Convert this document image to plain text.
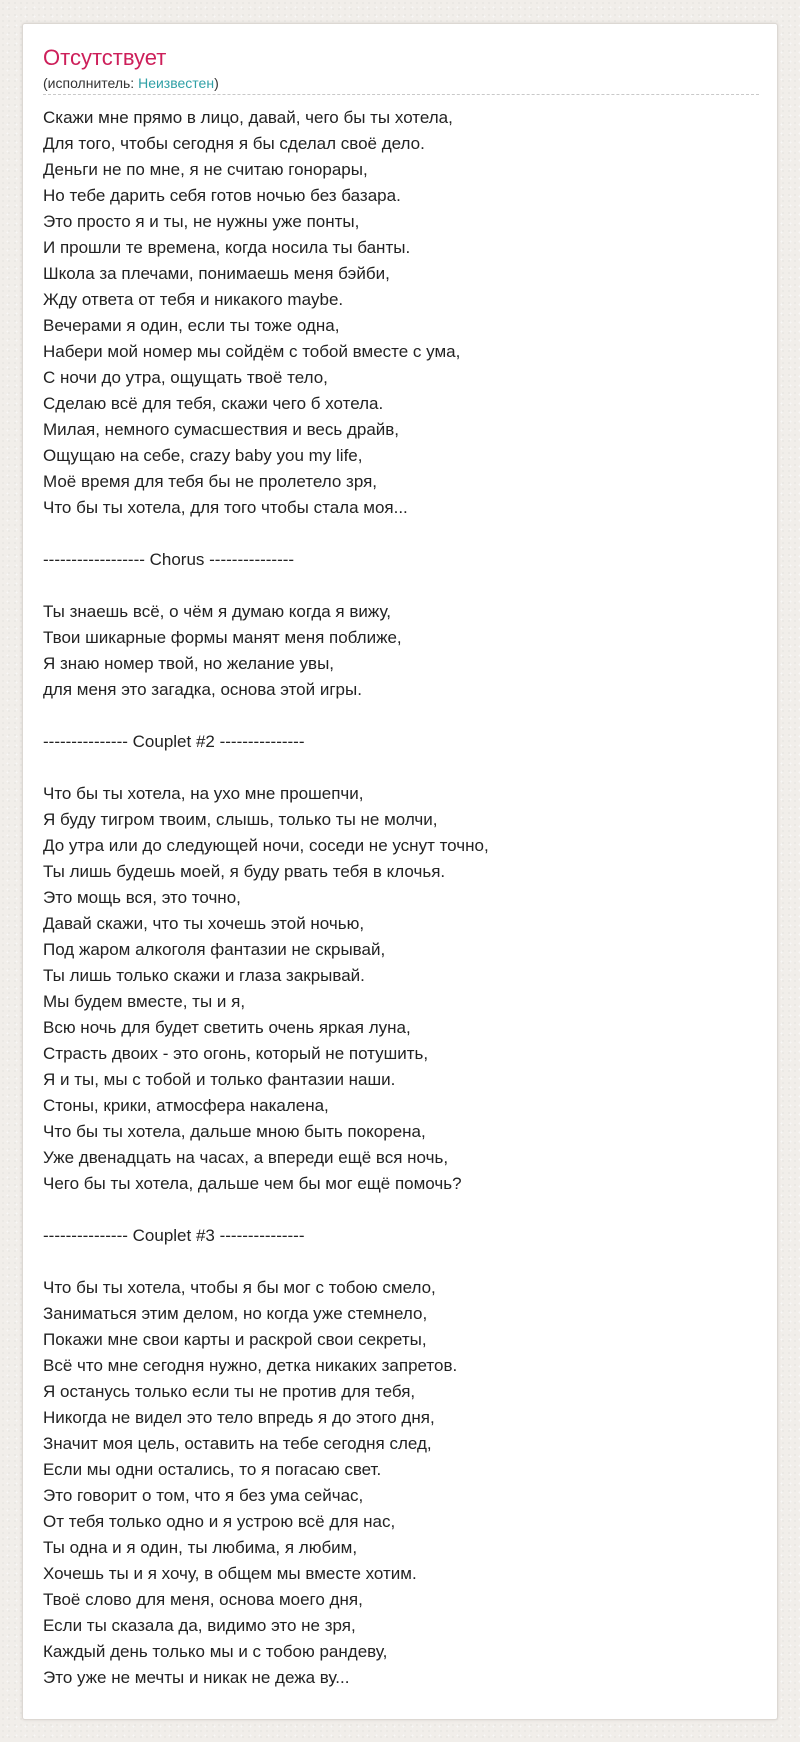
Отсутствует

(исполнитель: Неизвестен)

Скажи мне прямо в лицо, давай, чего бы ты хотела,
Для того, чтобы сегодня я бы сделал своё дело.
Деньги не по мне, я не считаю гонорары,
Но тебе дарить себя готов ночью без базара.
Это просто я и ты, не нужны уже понты,
И прошли те времена, когда носила ты банты.
Школа за плечами, понимаешь меня бэйби,
Жду ответа от тебя и никакого maybe.
Вечерами я один, если ты тоже одна,
Набери мой номер мы сойдём с тобой вместе с ума,
С ночи до утра, ощущать твоё тело,
Сделаю всё для тебя, скажи чего б хотела.
Милая, немного сумасшествия и весь драйв,
Ощущаю на себе, crazy baby you my life,
Моё время для тебя бы не пролетело зря,
Что бы ты хотела, для того чтобы стала моя...
------------------ Chorus ---------------
Ты знаешь всё, о чём я думаю когда я вижу,
Твои шикарные формы манят меня поближе,
Я знаю номер твой, но желание увы,
для меня это загадка, основа этой игры.
--------------- Couplet #2 ---------------
Что бы ты хотела, на ухо мне прошепчи,
Я буду тигром твоим, слышь, только ты не молчи,
До утра или до следующей ночи, соседи не уснут точно,
Ты лишь будешь моей, я буду рвать тебя в клочья.
Это мощь вся, это точно,
Давай скажи, что ты хочешь этой ночью,
Под жаром алкоголя фантазии не скрывай,
Ты лишь только скажи и глаза закрывай.
Мы будем вместе, ты и я,
Всю ночь для будет светить очень яркая луна,
Страсть двоих - это огонь, который не потушить,
Я и ты, мы с тобой и только фантазии наши.
Стоны, крики, атмосфера накалена,
Что бы ты хотела, дальше мною быть покорена,
Уже двенадцать на часах, а впереди ещё вся ночь,
Чего бы ты хотела, дальше чем бы мог ещё помочь?
--------------- Couplet #3 ---------------
Что бы ты хотела, чтобы я бы мог с тобою смело,
Заниматься этим делом, но когда уже стемнело,
Покажи мне свои карты и раскрой свои секреты,
Всё что мне сегодня нужно, детка никаких запретов.
Я останусь только если ты не против для тебя,
Никогда не видел это тело впредь я до этого дня,
Значит моя цель, оставить на тебе сегодня след,
Если мы одни остались, то я погасаю свет.
Это говорит о том, что я без ума сейчас,
От тебя только одно и я устрою всё для нас,
Ты одна и я один, ты любима, я любим,
Хочешь ты и я хочу, в общем мы вместе хотим.
Твоё слово для меня, основа моего дня,
Если ты сказала да, видимо это не зря,
Каждый день только мы и с тобою рандеву,
Это уже не мечты и никак не дежа ву...
